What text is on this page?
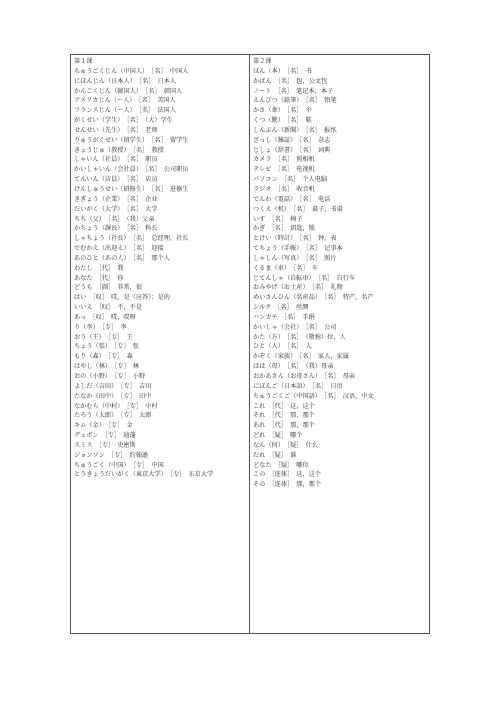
第１课
ちゅうごくじん（中国人）　［名］　中国人
にほんじん（日本人）　［名］　日本人
かんこくじん（韓国人）　［名］　韩国人
アメリカじん（～人）　［名］　美国人
フランスじん（～人）　［名］　法国人
がくせい（学生）　［名］　（大）学生
せんせい（先生）　［名］　老师
りゅうがくせい（留学生）　［名］　留学生
きょうじゅ（教授）　［名］　教授
しゃいん（社員）　［名］　职员
かいしゃいん（会社員）　［名］　公司职员
てんいん（店員）　［名］　店员
けんしゅうせい（研修生）　［名］　进修生
きぎょう（企業）　［名］　企业
だいがく（大学）　［名］　大学
ちち（父）　［名］　（我）父亲
かちょう（課長）　［名］　科长
しゃちょう（社長）　［名］　总经理，社长
でむかえ（出迎え）　［名］　迎接
あのひと（あの人）　［名］　那个人
わたし　［代］　我
あなた　［代］　你
どうも　［副］　非常，很
はい　［叹］　哎，是（应答）；是的
いいえ　［叹］　不，不是
あっ　［叹］　哎，哎呀
り（李）　［专］　李
おう（王）　［专］　王
ちょう（張）　［专］　张
もり（森）　［专］　森
はやし（林）　［专］　林
おの（小野）　［专］　小野
よしだ（吉田）　［专］　吉田
たなか（田中）　［专］　田中
なかむら（中村）　［专］　中村
たろう（太郎）　［专］　太郎
キム（金）　［专］　金
デュポン　［专］　迪蓬
スミス　［专］　史密斯
ジョンソン　［专］　约翰逊
ちゅうごく（中国）　［专］　中国
とうきょうだいがく（東京大学）　［专］　东京大学
第２课
ほん（本）　［名］　书
かばん　［名］　包，公文包
ノート　［名］　笔记本，本子
えんぴつ（鉛筆）　［名］　铅笔
かさ（傘）　［名］　伞
くつ（靴）　［名］　鞋
しんぶん（新聞）　［名］　报纸
ざっし（雑誌）　［名］　杂志
じしょ（辞書）　［名］　词典
カメラ　［名］　照相机
テレビ　［名］　电视机
パソコン　［名］　个人电脑
ラジオ　［名］　收音机
でんわ（電話）　［名］　电话
つくえ（机）　［名］　桌子，书桌
いす　［名］　椅子
かぎ　［名］　钥匙，锁
とけい（時計）　［名］　钟，表
てちょう（手帳）　［名］　记事本
しゃしん（写真）　［名］　照片
くるま（車）　［名］　车
じてんしゃ（自転車）　［名］　自行车
おみやげ（お土産）　［名］　礼物
めいさんひん（名産品）　［名］　特产，名产
シルク　［名］　丝绸
ハンカチ　［名］　手绢
かいしゃ（会社）　［名］　公司
かた（方）　［名］　（敬称）位，人
ひと（人）　［名］　人
かぞく（家族）　［名］　家人，家属
はは（母）　［名］　（我）母亲
おかあさん（お母さん）　［名］　母亲
にほんご（日本語）　［名］　日语
ちゅうごくご（中国語）　［名］　汉语，中文
これ　［代］　这，这个
それ　［代］　那，那个
あれ　［代］　那，那个
どれ　［疑］　哪个
なん（何）　［疑］　什么
だれ　［疑］　谁
どなた　［疑］　哪位
この　［连体］　这，这个
その　［连体］　那，那个
